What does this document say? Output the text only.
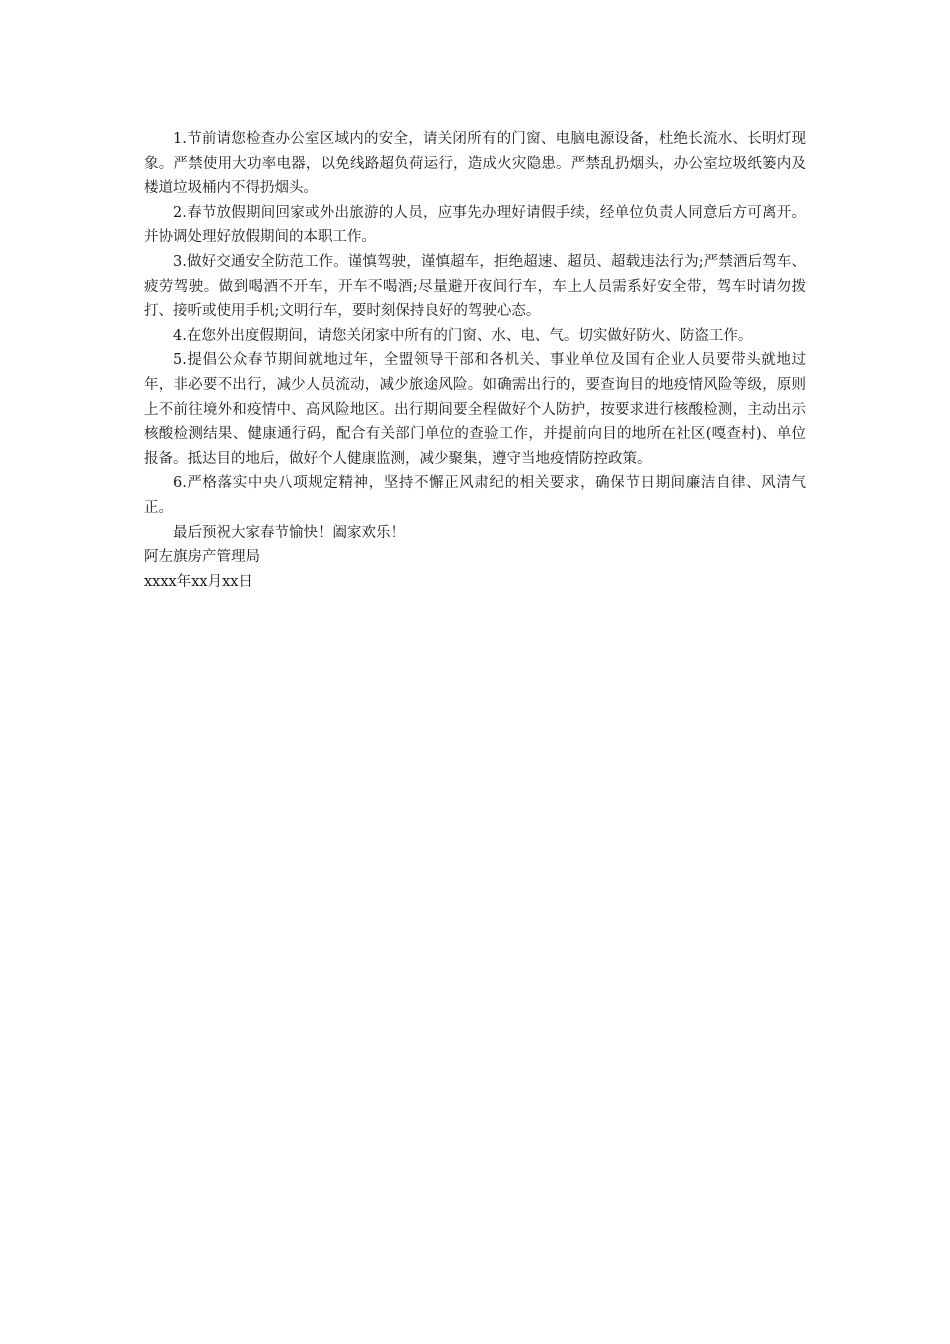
1.节前请您检查办公室区域内的安全，请关闭所有的门窗、电脑电源设备，杜绝长流水、长明灯现象。严禁使用大功率电器，以免线路超负荷运行，造成火灾隐患。严禁乱扔烟头，办公室垃圾纸篓内及楼道垃圾桶内不得扔烟头。

2.春节放假期间回家或外出旅游的人员，应事先办理好请假手续，经单位负责人同意后方可离开。并协调处理好放假期间的本职工作。

3.做好交通安全防范工作。谨慎驾驶，谨慎超车，拒绝超速、超员、超载违法行为;严禁酒后驾车、疲劳驾驶。做到喝酒不开车，开车不喝酒;尽量避开夜间行车，车上人员需系好安全带，驾车时请勿拨打、接听或使用手机;文明行车，要时刻保持良好的驾驶心态。

4.在您外出度假期间，请您关闭家中所有的门窗、水、电、气。切实做好防火、防盗工作。

5.提倡公众春节期间就地过年，全盟领导干部和各机关、事业单位及国有企业人员要带头就地过年，非必要不出行，减少人员流动，减少旅途风险。如确需出行的，要查询目的地疫情风险等级，原则上不前往境外和疫情中、高风险地区。出行期间要全程做好个人防护，按要求进行核酸检测，主动出示核酸检测结果、健康通行码，配合有关部门单位的查验工作，并提前向目的地所在社区(嘎查村)、单位报备。抵达目的地后，做好个人健康监测，减少聚集，遵守当地疫情防控政策。

6.严格落实中央八项规定精神，坚持不懈正风肃纪的相关要求，确保节日期间廉洁自律、风清气正。

最后预祝大家春节愉快！阖家欢乐！

阿左旗房产管理局

xxxx年xx月xx日
